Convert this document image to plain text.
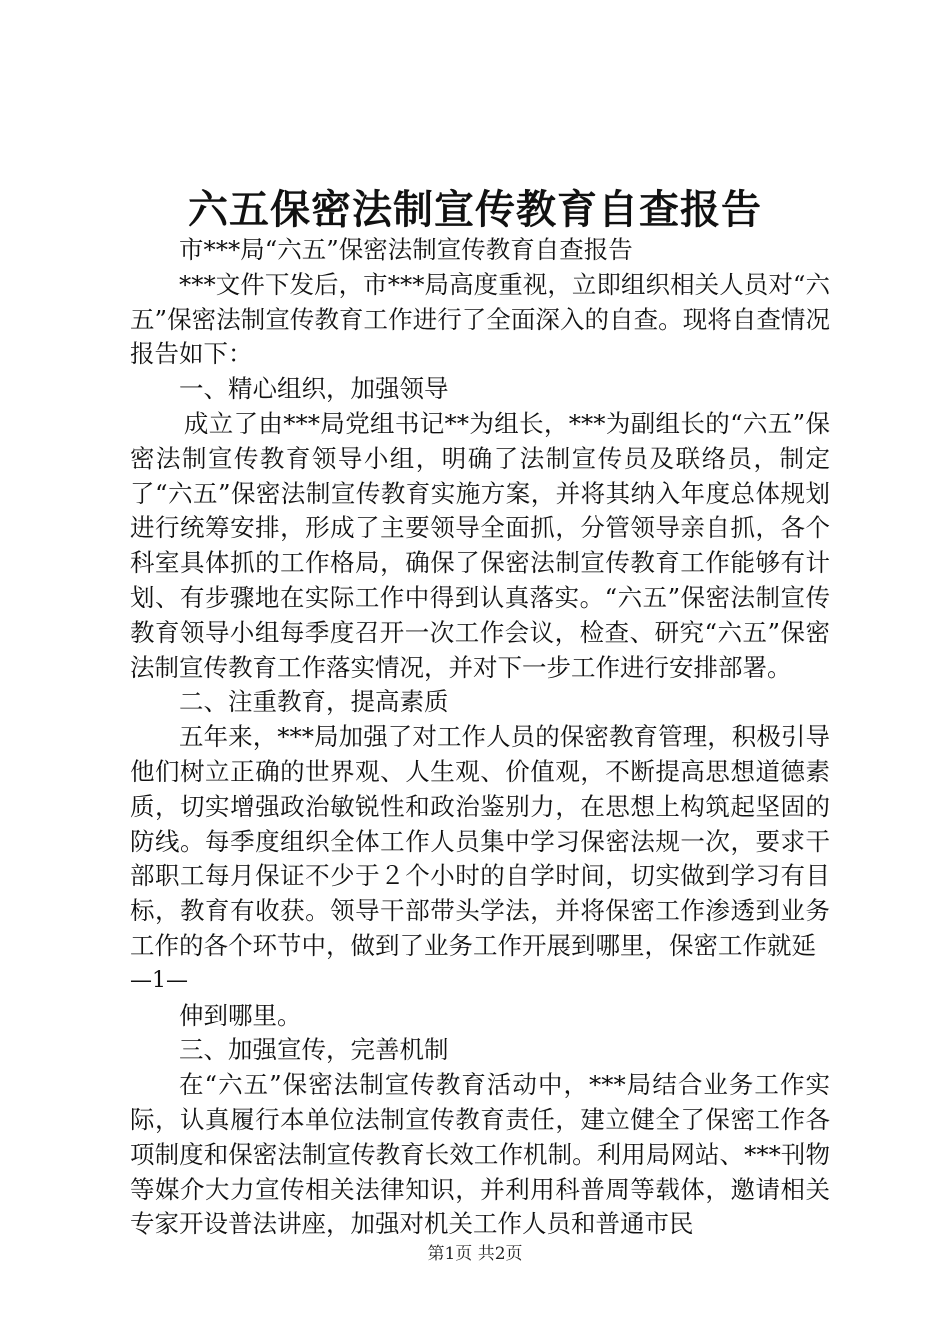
六五保密法制宣传教育自查报告

市***局“六五”保密法制宣传教育自查报告

***文件下发后，市***局高度重视，立即组织相关人员对“六五”保密法制宣传教育工作进行了全面深入的自查。现将自查情况报告如下：

一、精心组织，加强领导

成立了由***局党组书记**为组长，***为副组长的“六五”保密法制宣传教育领导小组，明确了法制宣传员及联络员，制定了“六五”保密法制宣传教育实施方案，并将其纳入年度总体规划进行统筹安排，形成了主要领导全面抓，分管领导亲自抓，各个科室具体抓的工作格局，确保了保密法制宣传教育工作能够有计划、有步骤地在实际工作中得到认真落实。“六五”保密法制宣传教育领导小组每季度召开一次工作会议，检查、研究“六五”保密法制宣传教育工作落实情况，并对下一步工作进行安排部署。

二、注重教育，提高素质

五年来，***局加强了对工作人员的保密教育管理，积极引导他们树立正确的世界观、人生观、价值观，不断提高思想道德素质，切实增强政治敏锐性和政治鉴别力，在思想上构筑起坚固的防线。每季度组织全体工作人员集中学习保密法规一次，要求干部职工每月保证不少于２个小时的自学时间，切实做到学习有目标，教育有收获。领导干部带头学法，并将保密工作渗透到业务工作的各个环节中，做到了业务工作开展到哪里，保密工作就延

—1—

伸到哪里。

三、加强宣传，完善机制

在“六五”保密法制宣传教育活动中，***局结合业务工作实际，认真履行本单位法制宣传教育责任，建立健全了保密工作各项制度和保密法制宣传教育长效工作机制。利用局网站、***刊物等媒介大力宣传相关法律知识，并利用科普周等载体，邀请相关专家开设普法讲座，加强对机关工作人员和普通市民

第1页 共2页
